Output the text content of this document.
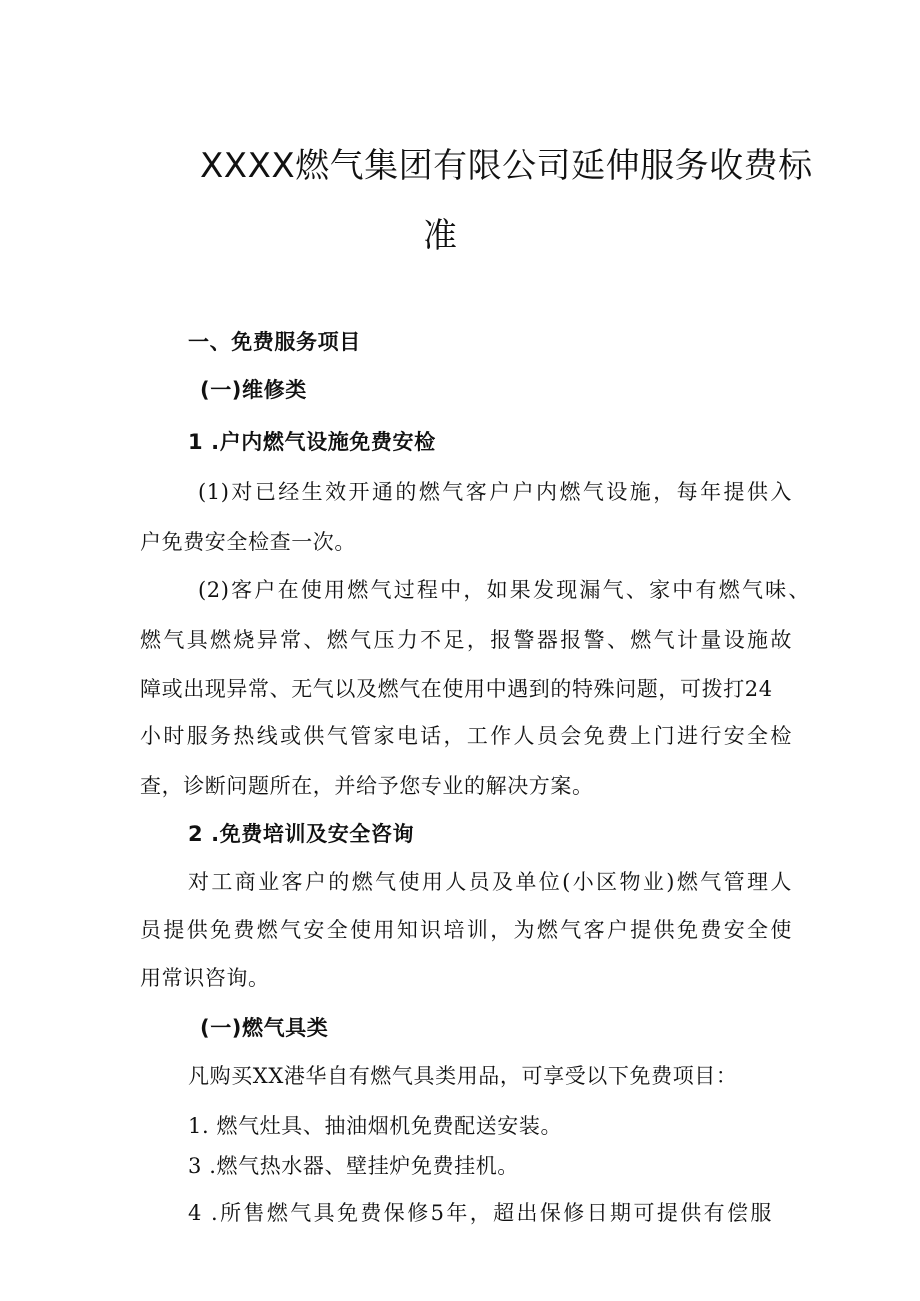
XXXX燃气集团有限公司延伸服务收费标
准
一、免费服务项目
(一)维修类
1 .户内燃气设施免费安检
(1)对已经生效开通的燃气客户户内燃气设施，每年提供入
户免费安全检查一次。
(2)客户在使用燃气过程中，如果发现漏气、家中有燃气味、
燃气具燃烧异常、燃气压力不足，报警器报警、燃气计量设施故
障或出现异常、无气以及燃气在使用中遇到的特殊问题，可拨打24
小时服务热线或供气管家电话，工作人员会免费上门进行安全检
查，诊断问题所在，并给予您专业的解决方案。
2 .免费培训及安全咨询
对工商业客户的燃气使用人员及单位(小区物业)燃气管理人
员提供免费燃气安全使用知识培训，为燃气客户提供免费安全使
用常识咨询。
(一)燃气具类
凡购买XX港华自有燃气具类用品，可享受以下免费项目：
1. 燃气灶具、抽油烟机免费配送安装。
3 .燃气热水器、壁挂炉免费挂机。
4 .所售燃气具免费保修5年，超出保修日期可提供有偿服
